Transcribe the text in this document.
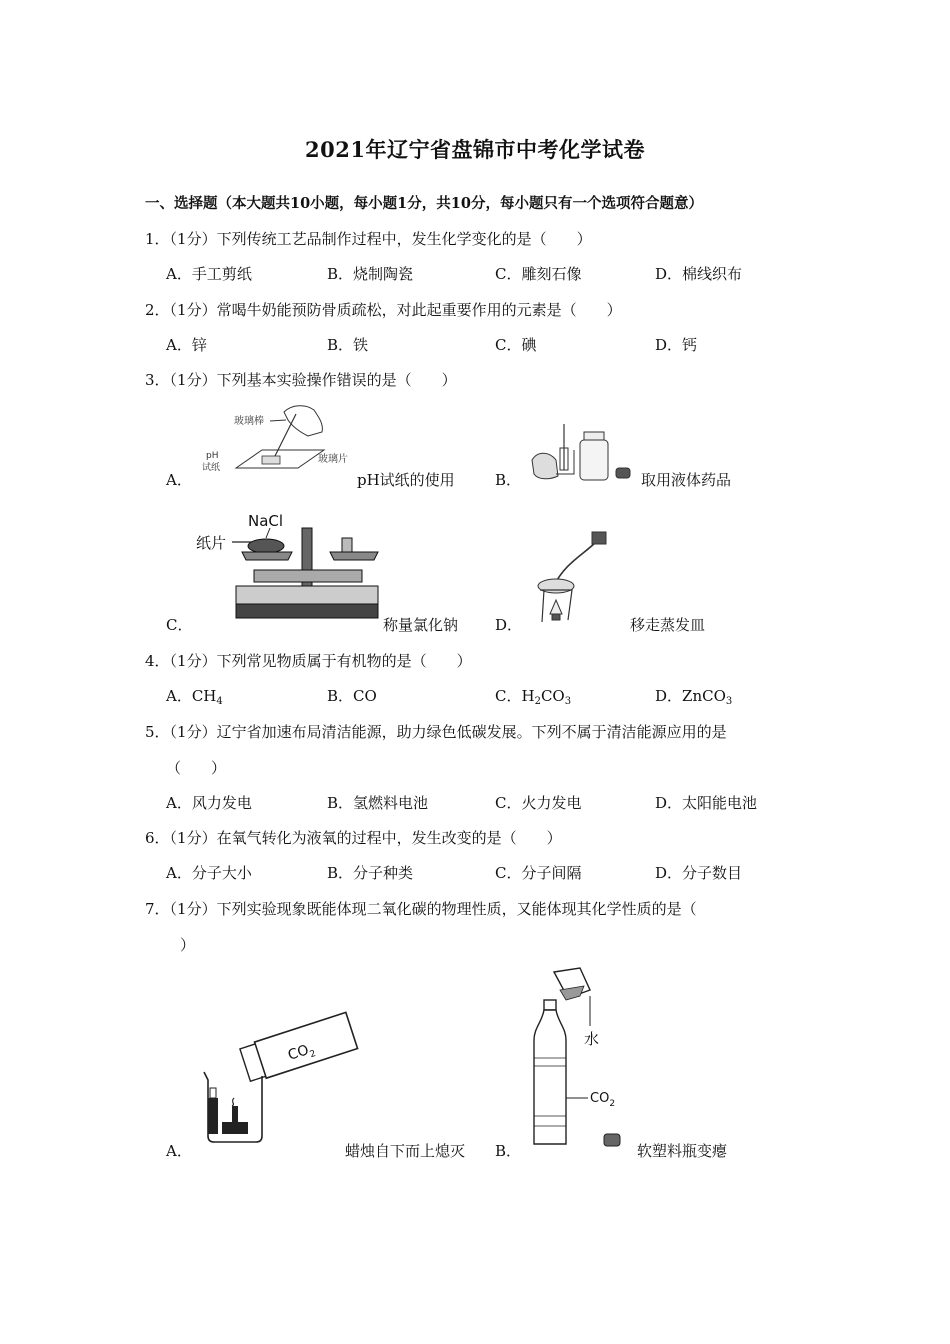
2021年辽宁省盘锦市中考化学试卷
一、选择题（本大题共10小题，每小题1分，共10分，每小题只有一个选项符合题意）
1．（1分）下列传统工艺品制作过程中，发生化学变化的是（　　）
A．手工剪纸	B．烧制陶瓷	C．雕刻石像	D．棉线织布
2．（1分）常喝牛奶能预防骨质疏松，对此起重要作用的元素是（　　）
A．锌	B．铁	C．碘	D．钙
3．（1分）下列基本实验操作错误的是（　　）
玻璃棒
pH
试纸
玻璃片
A．	pH试纸的使用	B．	取用液体药品
NaCl
纸片
C．	称量氯化钠 D．	移走蒸发皿
4．（1分）下列常见物质属于有机物的是（　　）
A．$CH_4$	B．CO	C．$H_2CO_3$	D．ZnCO$_3$
5．（1分）辽宁省加速布局清洁能源，助力绿色低碳发展。下列不属于清洁能源应用的是
（　　）
A．风力发电	B．氢燃料电池	C．火力发电	D．太阳能电池
6．（1分）在氧气转化为液氧的过程中，发生改变的是（　　）
A．分子大小	B．分子种类	C．分子间隔	D．分子数目
7．（1分）下列实验现象既能体现二氧化碳的物理性质，又能体现其化学性质的是（
）
$CO_2$
A．	蜡烛自下而上熄灭
水
$CO_2$
B．	软塑料瓶变瘪
